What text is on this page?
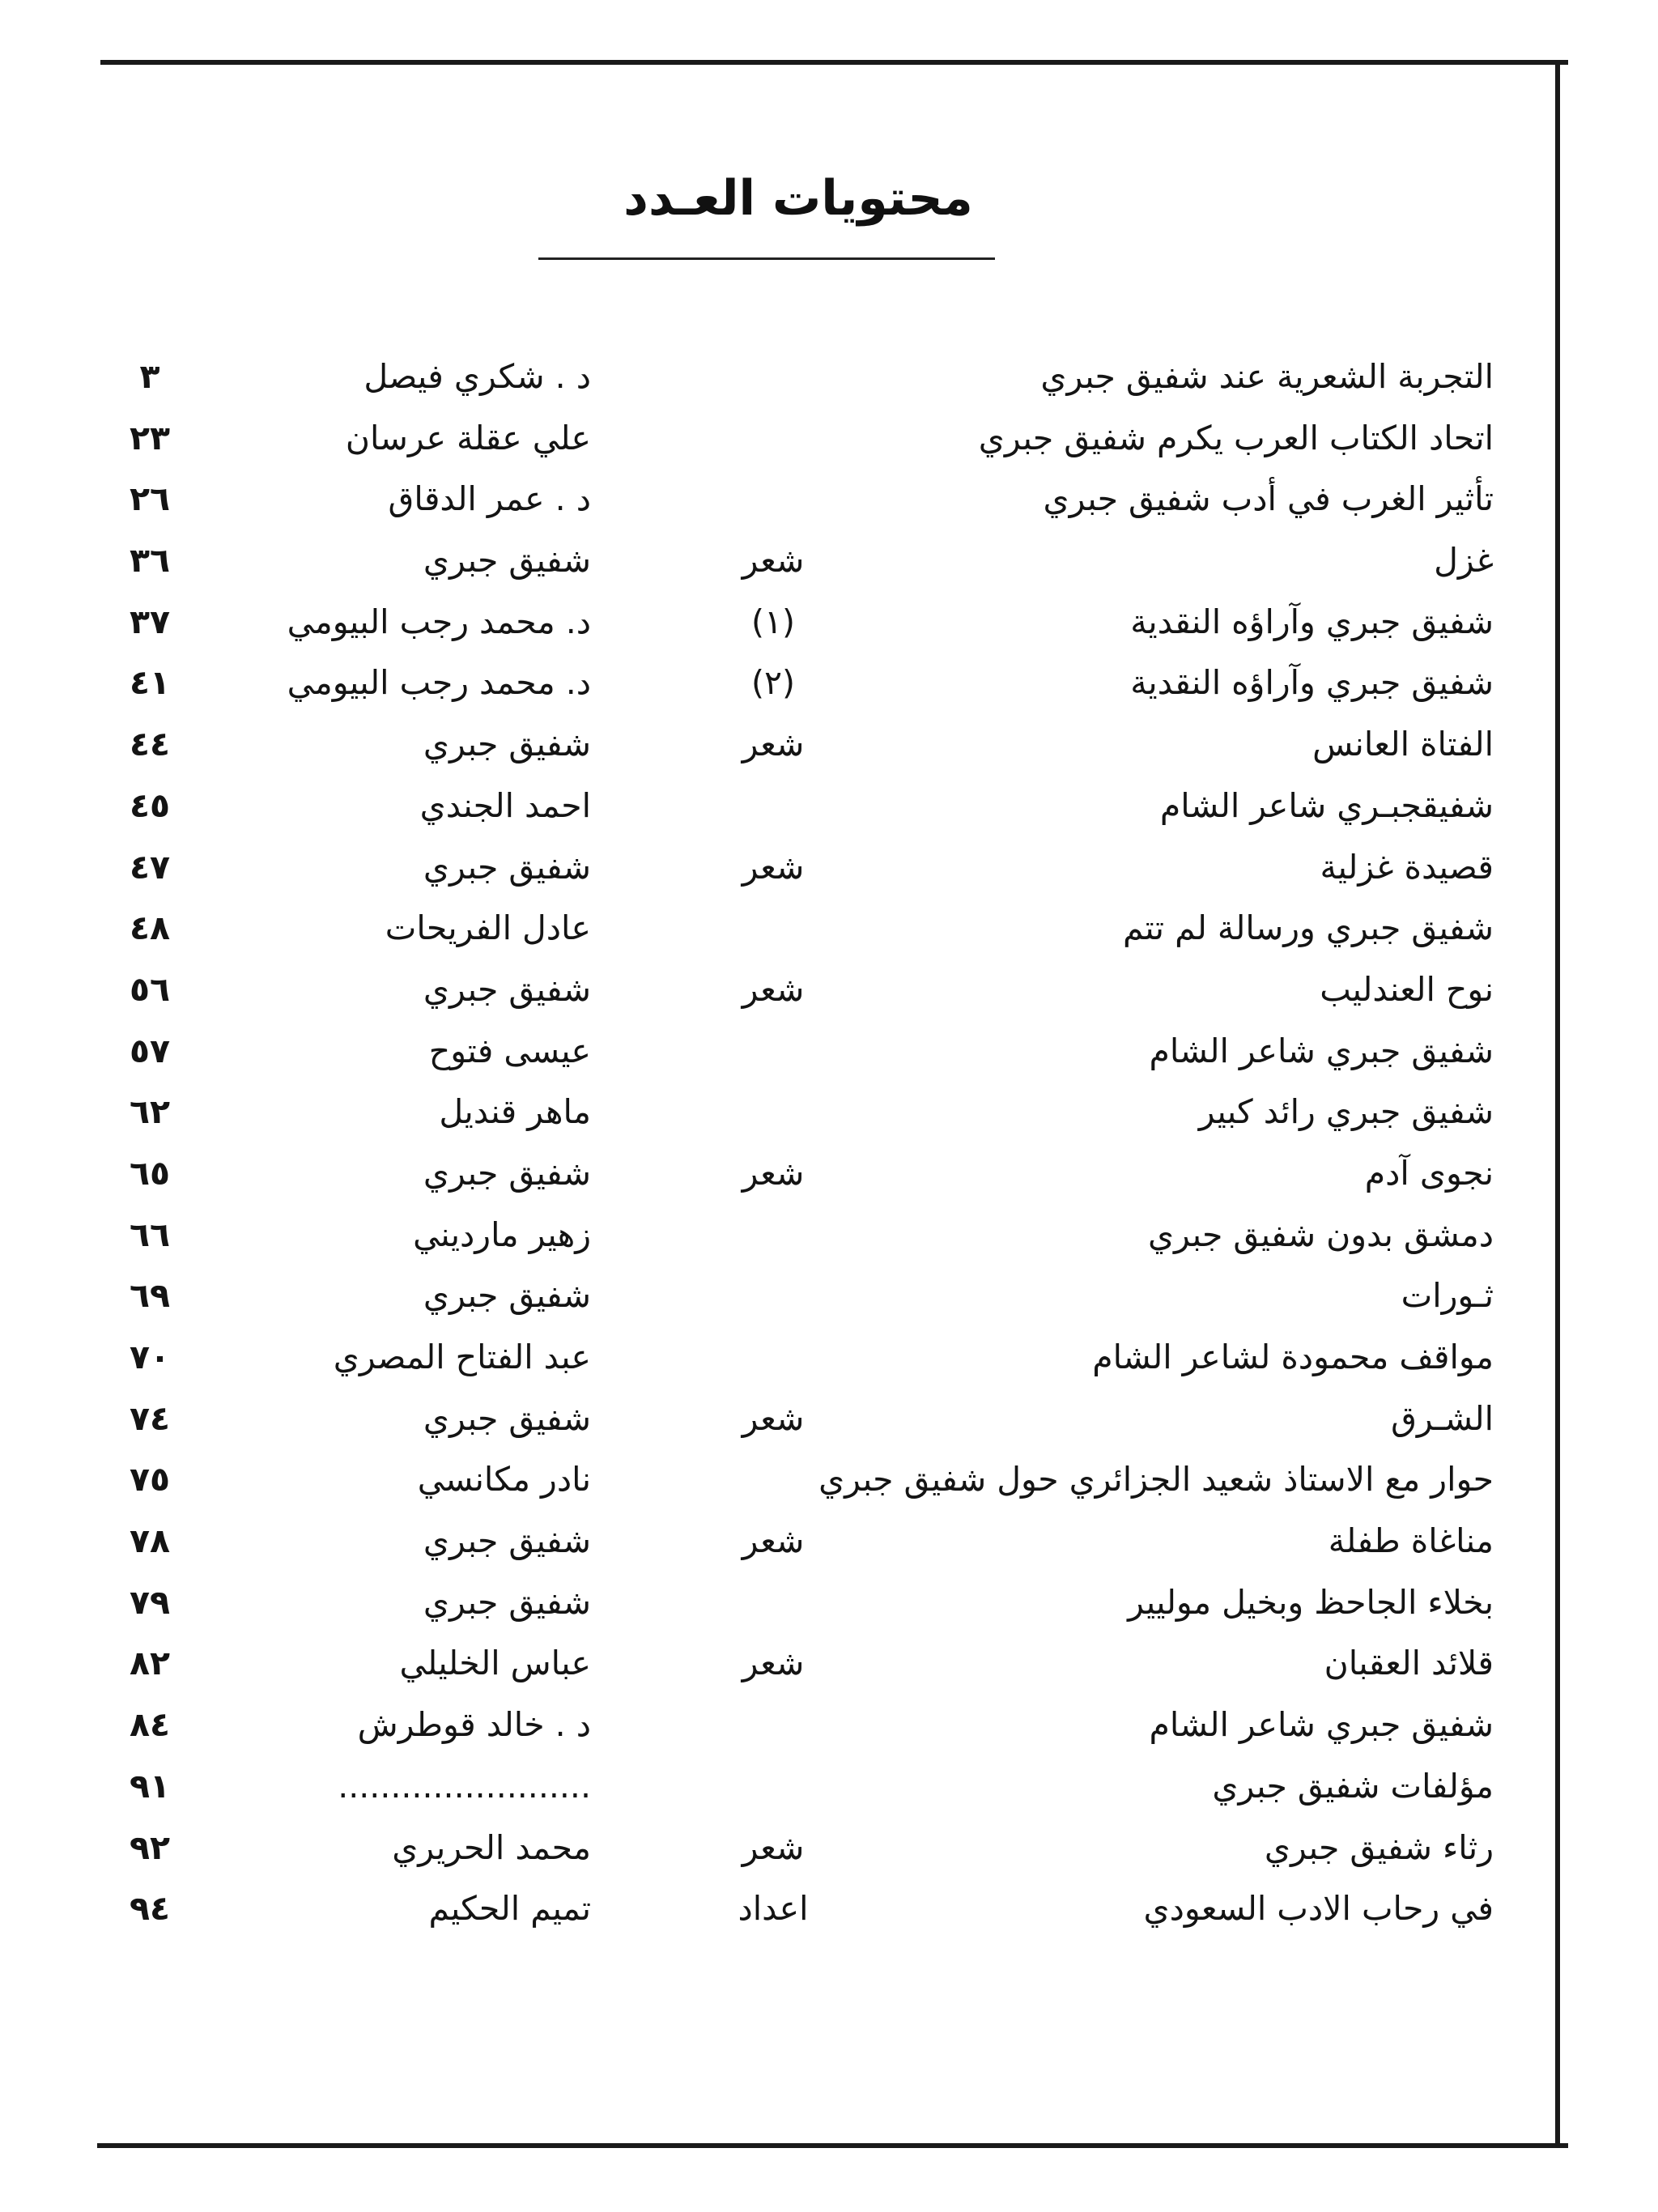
محتويات العـدد
التجربة الشعرية عند شفيق جبري
د . شكري فيصل
٣
اتحاد الكتاب العرب يكرم شفيق جبري
علي عقلة عرسان
٢٣
تأثير الغرب في أدب شفيق جبري
د . عمر الدقاق
٢٦
غزل
شعر
شفيق جبري
٣٦
شفيق جبري وآراؤه النقدية
(١)
د. محمد رجب البيومي
٣٧
شفيق جبري وآراؤه النقدية
(٢)
د. محمد رجب البيومي
٤١
الفتاة العانس
شعر
شفيق جبري
٤٤
شفيقجبـري شاعر الشام
احمد الجندي
٤٥
قصيدة غزلية
شعر
شفيق جبري
٤٧
شفيق جبري ورسالة لم تتم
عادل الفريحات
٤٨
نوح العندليب
شعر
شفيق جبري
٥٦
شفيق جبري شاعر الشام
عيسى فتوح
٥٧
شفيق جبري رائد كبير
ماهر قنديل
٦٢
نجوى آدم
شعر
شفيق جبري
٦٥
دمشق بدون شفيق جبري
زهير مارديني
٦٦
ثـورات
شفيق جبري
٦٩
مواقف محمودة لشاعر الشام
عبد الفتاح المصري
٧٠
الشـرق
شعر
شفيق جبري
٧٤
حوار مع الاستاذ شعيد الجزائري حول شفيق جبري
نادر مكانسي
٧٥
مناغاة طفلة
شعر
شفيق جبري
٧٨
بخلاء الجاحظ وبخيل موليير
شفيق جبري
٧٩
قلائد العقبان
شعر
عباس الخليلي
٨٢
شفيق جبري شاعر الشام
د . خالد قوطرش
٨٤
مؤلفات شفيق جبري
........................
٩١
رثاء شفيق جبري
شعر
محمد الحريري
٩٢
في رحاب الادب السعودي
اعداد
تميم الحكيم
٩٤
